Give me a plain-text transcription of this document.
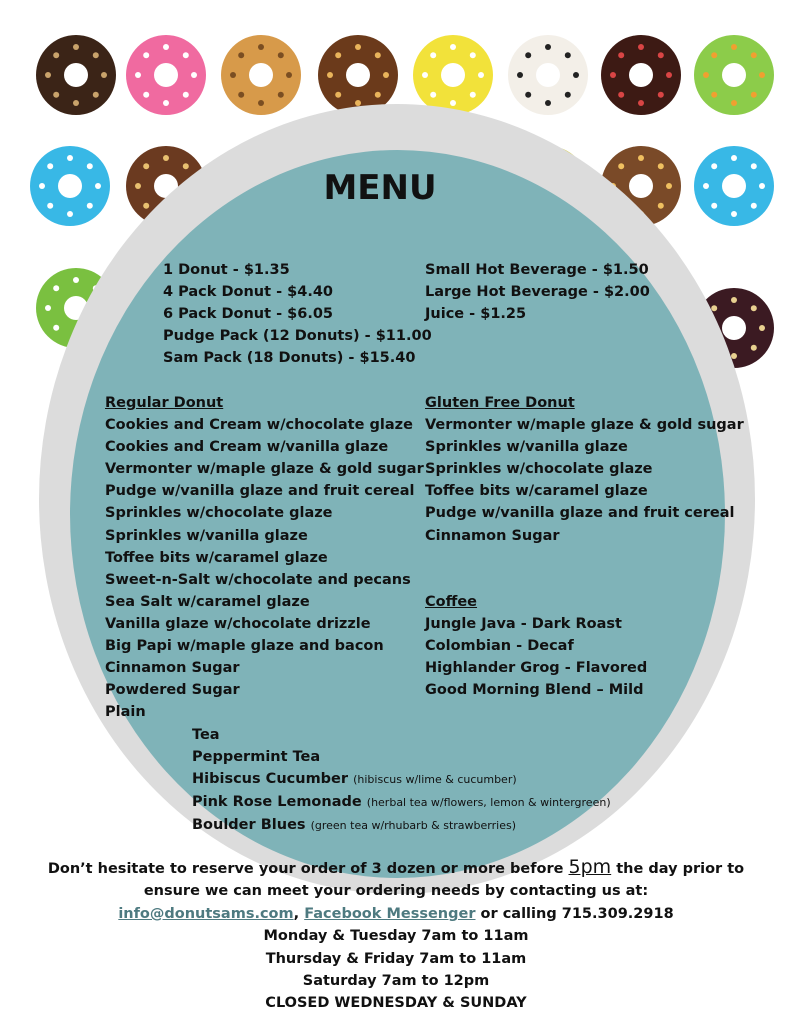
MENU
1 Donut - $1.35
4 Pack Donut - $4.40
6 Pack Donut - $6.05
Pudge Pack (12 Donuts) - $11.00
Sam Pack (18 Donuts) - $15.40
Small Hot Beverage - $1.50
Large Hot Beverage - $2.00
Juice - $1.25
Regular Donut
Cookies and Cream w/chocolate glaze
Cookies and Cream w/vanilla glaze
Vermonter w/maple glaze & gold sugar
Pudge w/vanilla glaze and fruit cereal
Sprinkles w/chocolate glaze
Sprinkles w/vanilla glaze
Toffee bits w/caramel glaze
Sweet-n-Salt w/chocolate and pecans
Sea Salt w/caramel glaze
Vanilla glaze w/chocolate drizzle
Big Papi w/maple glaze and bacon
Cinnamon Sugar
Powdered Sugar
Plain
Gluten Free Donut
Vermonter w/maple glaze & gold sugar
Sprinkles w/vanilla glaze
Sprinkles w/chocolate glaze
Toffee bits w/caramel glaze
Pudge w/vanilla glaze and fruit cereal
Cinnamon Sugar
Coffee
Jungle Java - Dark Roast
Colombian - Decaf
Highlander Grog - Flavored
Good Morning Blend – Mild
Tea
Peppermint Tea
Hibiscus Cucumber (hibiscus w/lime & cucumber)
Pink Rose Lemonade (herbal tea w/flowers, lemon & wintergreen)
Boulder Blues (green tea w/rhubarb & strawberries)
Don’t hesitate to reserve your order of 3 dozen or more before 5pm the day prior to
ensure we can meet your ordering needs by contacting us at:
info@donutsams.com, Facebook Messenger or calling 715.309.2918
Monday & Tuesday 7am to 11am
Thursday & Friday 7am to 11am
Saturday 7am to 12pm
CLOSED WEDNESDAY & SUNDAY
